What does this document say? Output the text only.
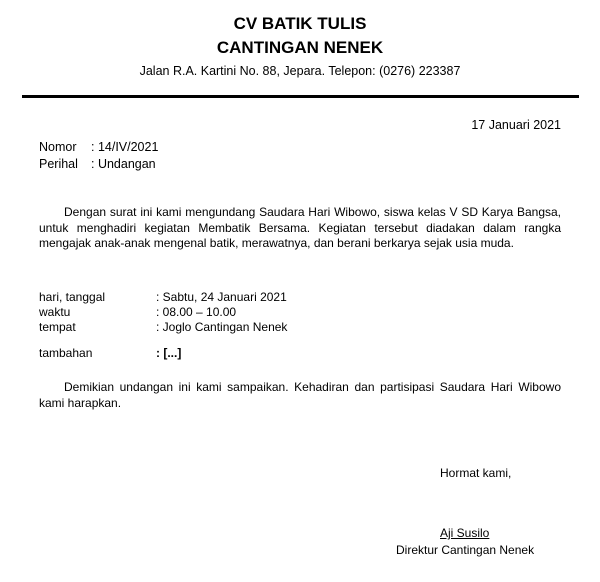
CV BATIK TULIS
CANTINGAN NENEK
Jalan R.A. Kartini No. 88, Jepara. Telepon: (0276) 223387
17 Januari 2021
Nomor : 14/IV/2021
Perihal : Undangan

Dengan surat ini kami mengundang Saudara Hari Wibowo, siswa kelas V SD Karya Bangsa, untuk menghadiri kegiatan Membatik Bersama. Kegiatan tersebut diadakan dalam rangka mengajak anak-anak mengenal batik, merawatnya, dan berani berkarya sejak usia muda.

hari, tanggal	: Sabtu, 24 Januari 2021
waktu	: 08.00 – 10.00
tempat	: Joglo Cantingan Nenek
tambahan	: [...]

Demikian undangan ini kami sampaikan. Kehadiran dan partisipasi Saudara Hari Wibowo kami harapkan.

Hormat kami,
Aji Susilo
Direktur Cantingan Nenek
